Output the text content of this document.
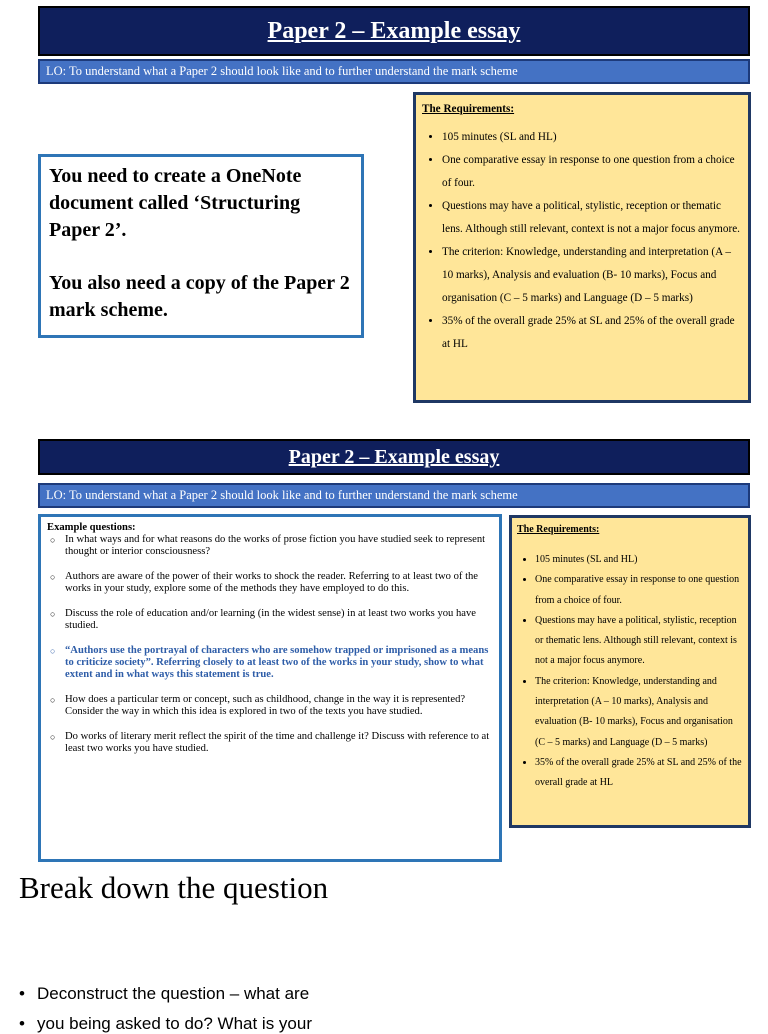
Paper 2 – Example essay
LO: To understand what a Paper 2 should look like and to further understand the mark scheme
You need to create a OneNote document called ‘Structuring Paper 2’.
You also need a copy of the Paper 2 mark scheme.
The Requirements:
• 105 minutes (SL and HL)
• One comparative essay in response to one question from a choice of four.
• Questions may have a political, stylistic, reception or thematic lens. Although still relevant, context is not a major focus anymore.
• The criterion: Knowledge, understanding and interpretation (A – 10 marks), Analysis and evaluation (B- 10 marks), Focus and organisation (C – 5 marks) and Language (D – 5 marks)
• 35% of the overall grade 25% at SL and 25% of the overall grade at HL
Paper 2 – Example essay
LO: To understand what a Paper 2 should look like and to further understand the mark scheme
Example questions:
○ In what ways and for what reasons do the works of prose fiction you have studied seek to represent thought or interior consciousness?
○ Authors are aware of the power of their works to shock the reader. Referring to at least two of the works in your study, explore some of the methods they have employed to do this.
○ Discuss the role of education and/or learning (in the widest sense) in at least two works you have studied.
○ “Authors use the portrayal of characters who are somehow trapped or imprisoned as a means to criticize society”. Referring closely to at least two of the works in your study, show to what extent and in what ways this statement is true.
○ How does a particular term or concept, such as childhood, change in the way it is represented? Consider the way in which this idea is explored in two of the texts you have studied.
○ Do works of literary merit reflect the spirit of the time and challenge it? Discuss with reference to at least two works you have studied.
The Requirements:
• 105 minutes (SL and HL)
• One comparative essay in response to one question from a choice of four.
• Questions may have a political, stylistic, reception or thematic lens. Although still relevant, context is not a major focus anymore.
• The criterion: Knowledge, understanding and interpretation (A – 10 marks), Analysis and evaluation (B- 10 marks), Focus and organisation (C – 5 marks) and Language (D – 5 marks)
• 35% of the overall grade 25% at SL and 25% of the overall grade at HL
Break down the question
• Deconstruct the question – what are
• you being asked to do? What is your
